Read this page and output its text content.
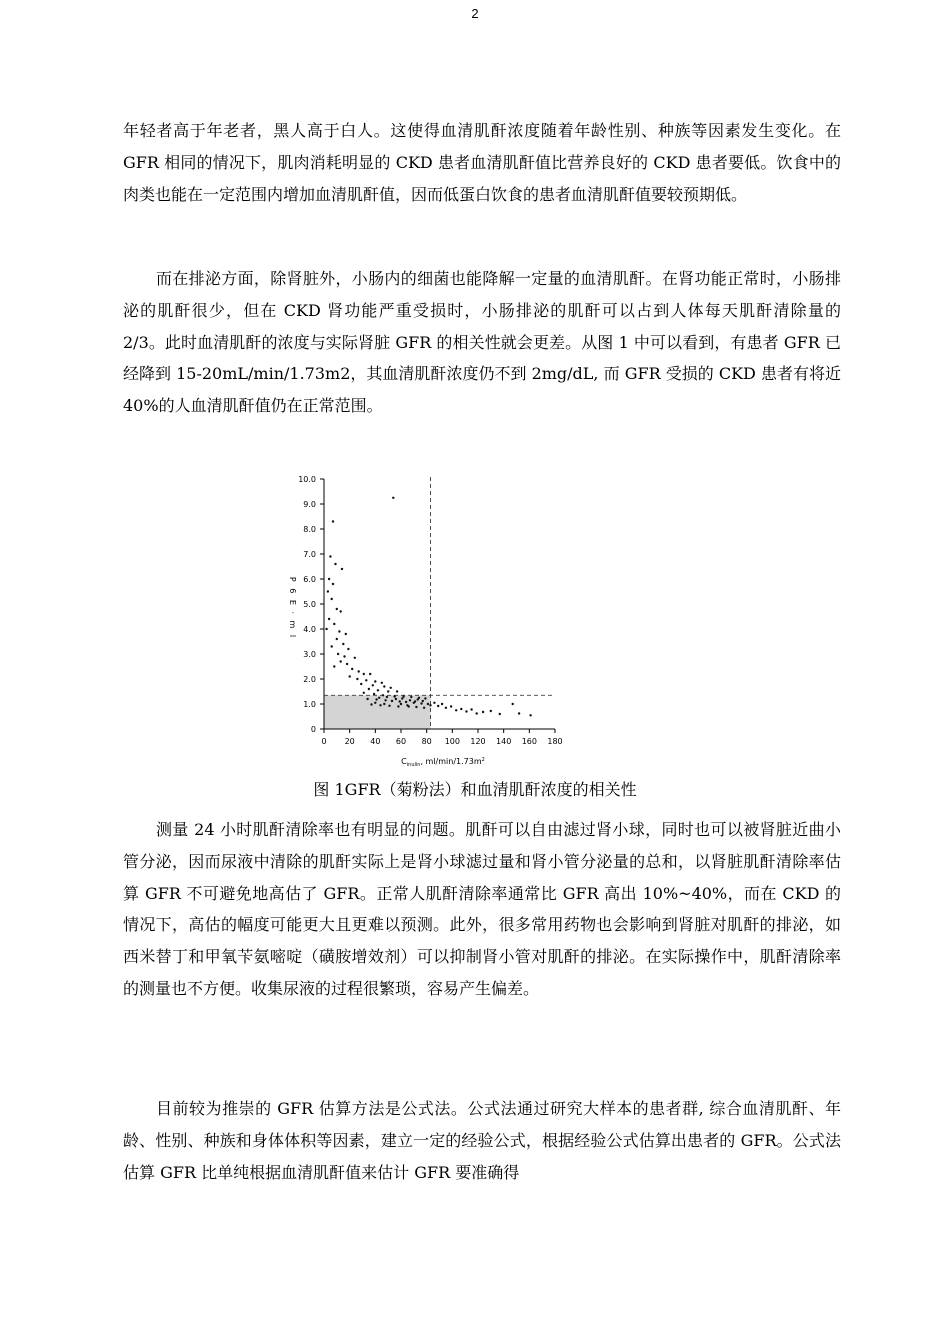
2

年轻者高于年老者，黑人高于白人。这使得血清肌酐浓度随着年龄性别、种族等因素发生变化。在 GFR 相同的情况下，肌肉消耗明显的 CKD 患者血清肌酐值比营养良好的 CKD 患者要低。饮食中的肉类也能在一定范围内增加血清肌酐值，因而低蛋白饮食的患者血清肌酐值要较预期低。

而在排泌方面，除肾脏外，小肠内的细菌也能降解一定量的血清肌酐。在肾功能正常时，小肠排泌的肌酐很少，但在 CKD 肾功能严重受损时，小肠排泌的肌酐可以占到人体每天肌酐清除量的 2/3。此时血清肌酐的浓度与实际肾脏 GFR 的相关性就会更差。从图 1 中可以看到，有患者 GFR 已经降到 15-20mL/min/1.73m2，其血清肌酐浓度仍不到 2mg/dL, 而 GFR 受损的 CKD 患者有将近 40%的人血清肌酐值仍在正常范围。

0
1.0
2.0
3.0
4.0
5.0
6.0
7.0
8.0
9.0
10.0
0 20 40 60 80 100 120 140 160 180
$C_{inulin}$, $ml/\min/1.73m^2$
P 6 E · m l

图 1GFR（菊粉法）和血清肌酐浓度的相关性

测量 24 小时肌酐清除率也有明显的问题。肌酐可以自由滤过肾小球，同时也可以被肾脏近曲小管分泌，因而尿液中清除的肌酐实际上是肾小球滤过量和肾小管分泌量的总和，以肾脏肌酐清除率估算 GFR 不可避免地高估了 GFR。正常人肌酐清除率通常比 GFR 高出 10%~40%，而在 CKD 的情况下，高估的幅度可能更大且更难以预测。此外，很多常用药物也会影响到肾脏对肌酐的排泌，如西米替丁和甲氧苄氨嘧啶（磺胺增效剂）可以抑制肾小管对肌酐的排泌。在实际操作中，肌酐清除率的测量也不方便。收集尿液的过程很繁琐，容易产生偏差。

目前较为推崇的 GFR 估算方法是公式法。公式法通过研究大样本的患者群, 综合血清肌酐、年龄、性别、种族和身体体积等因素，建立一定的经验公式，根据经验公式估算出患者的 GFR。公式法估算 GFR 比单纯根据血清肌酐值来估计 GFR 要准确得
